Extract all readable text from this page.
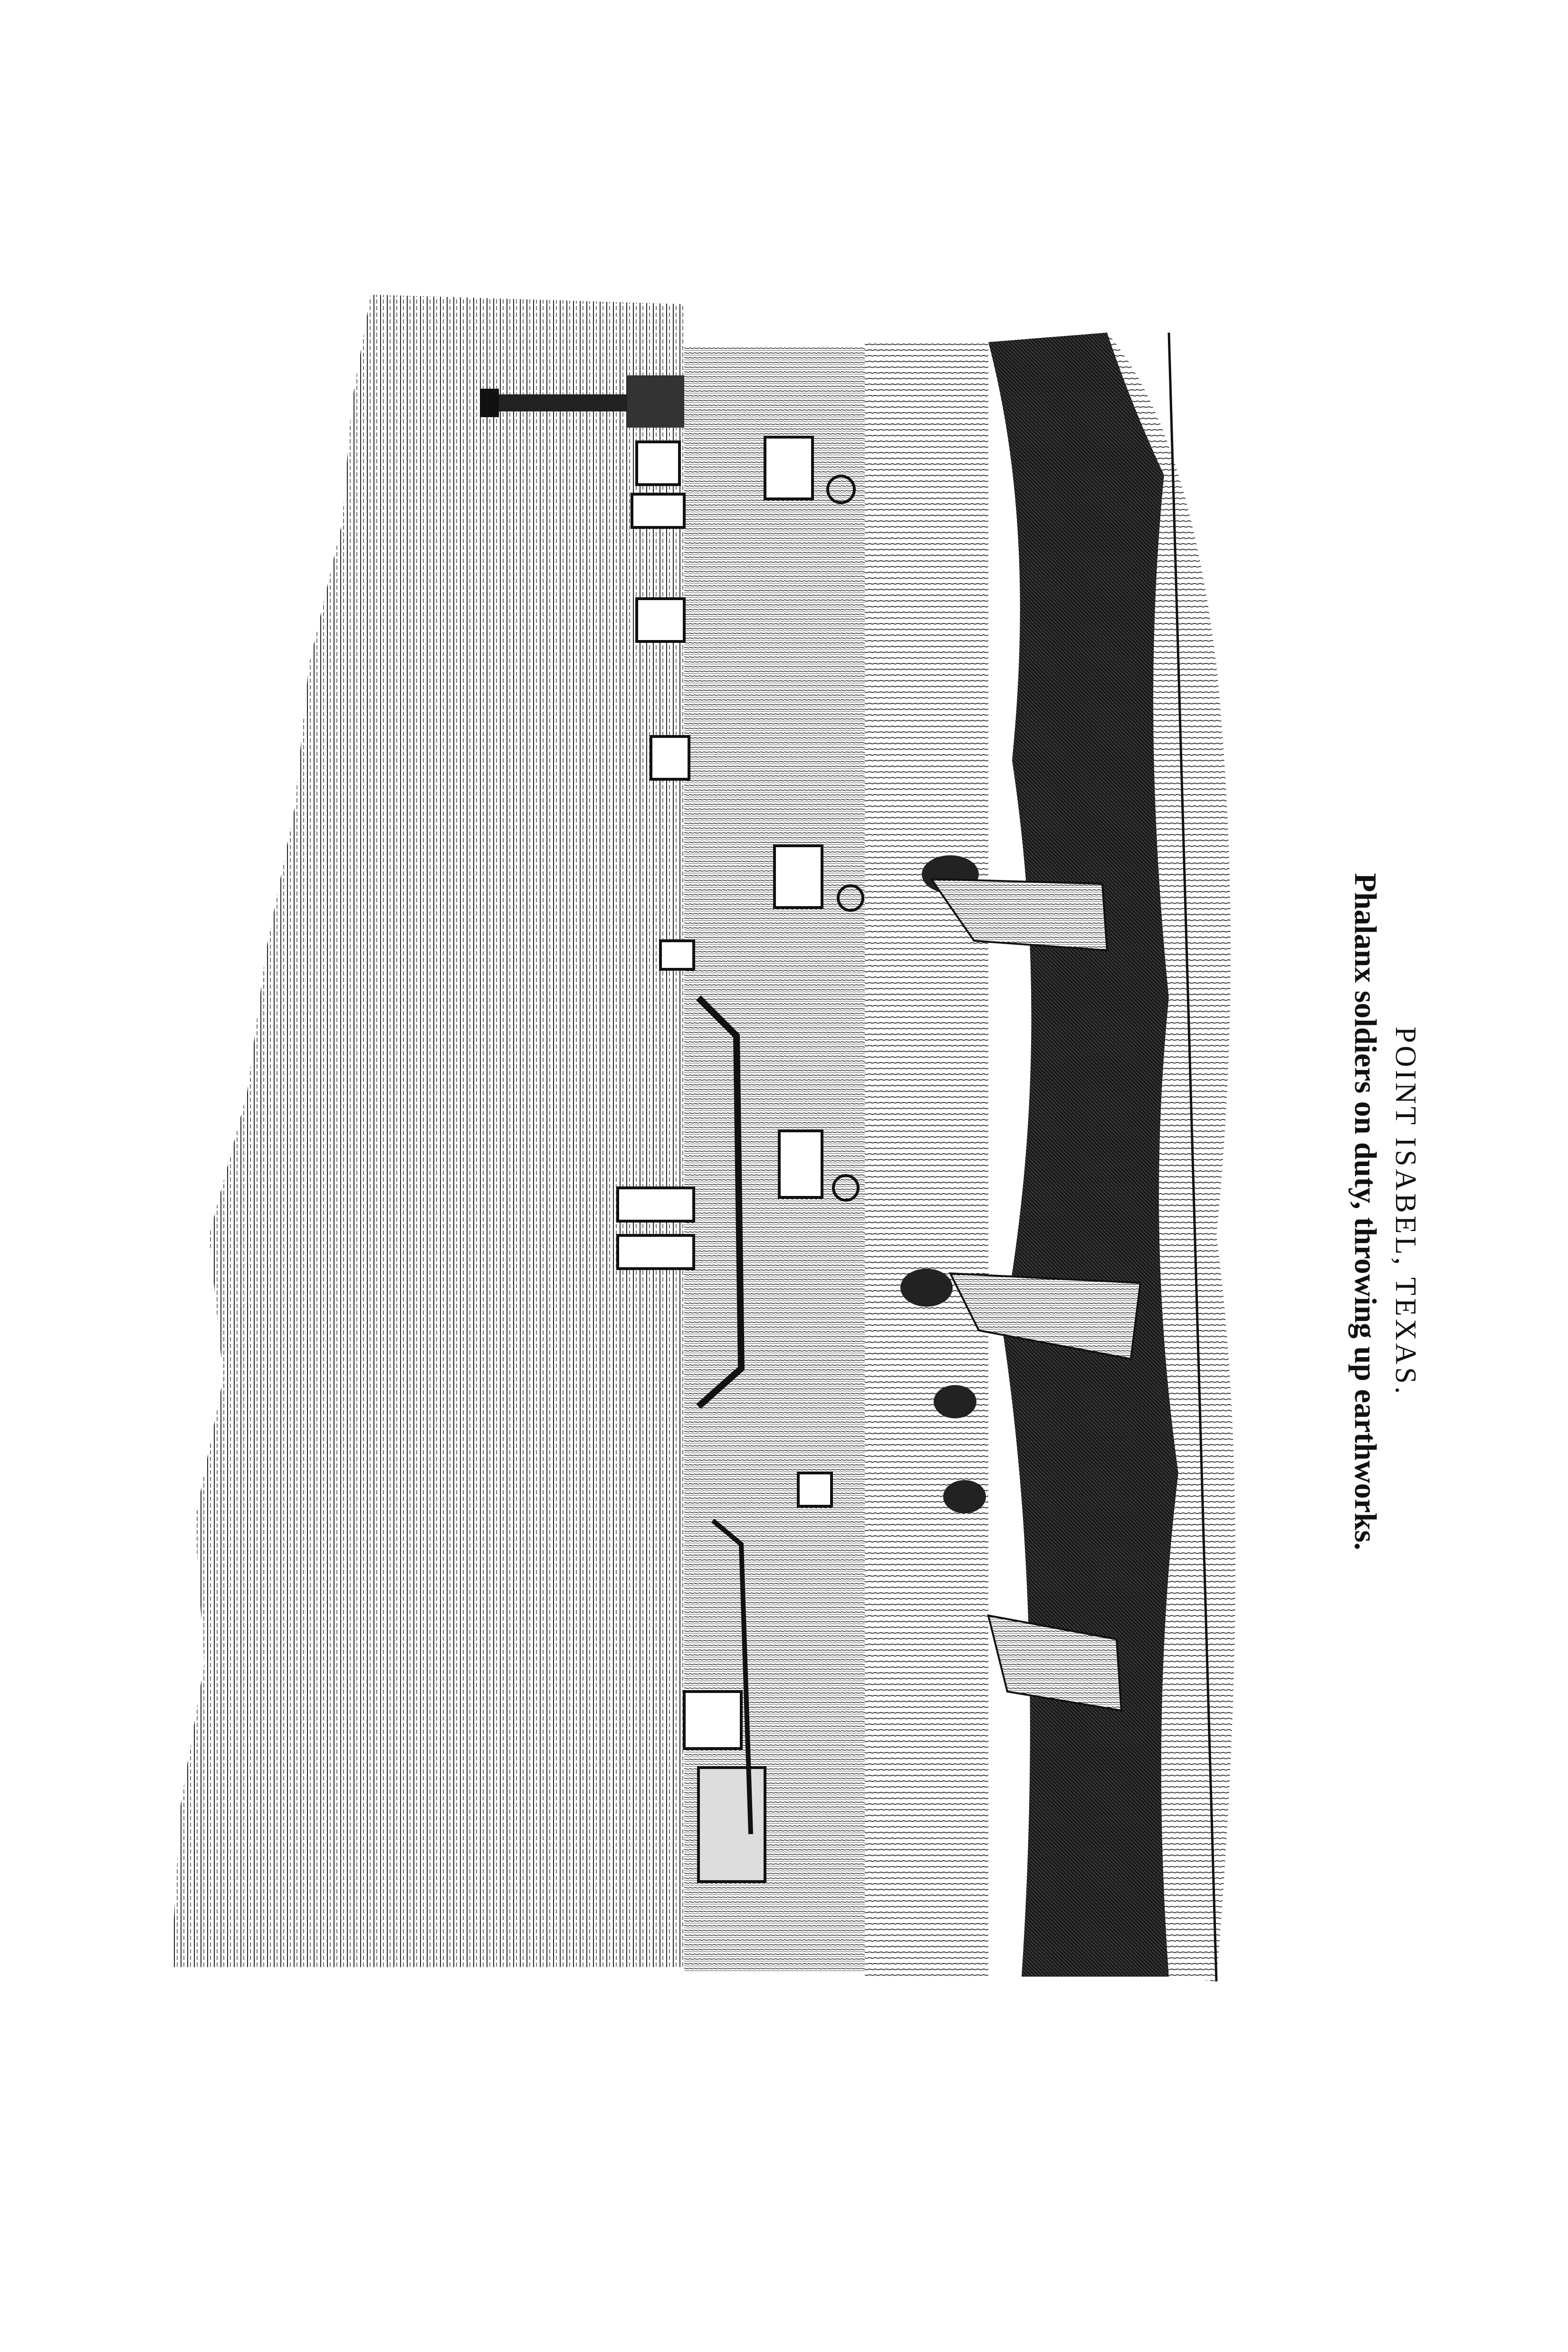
POINT ISABEL, TEXAS.
Phalanx soldiers on duty, throwing up earthworks.
